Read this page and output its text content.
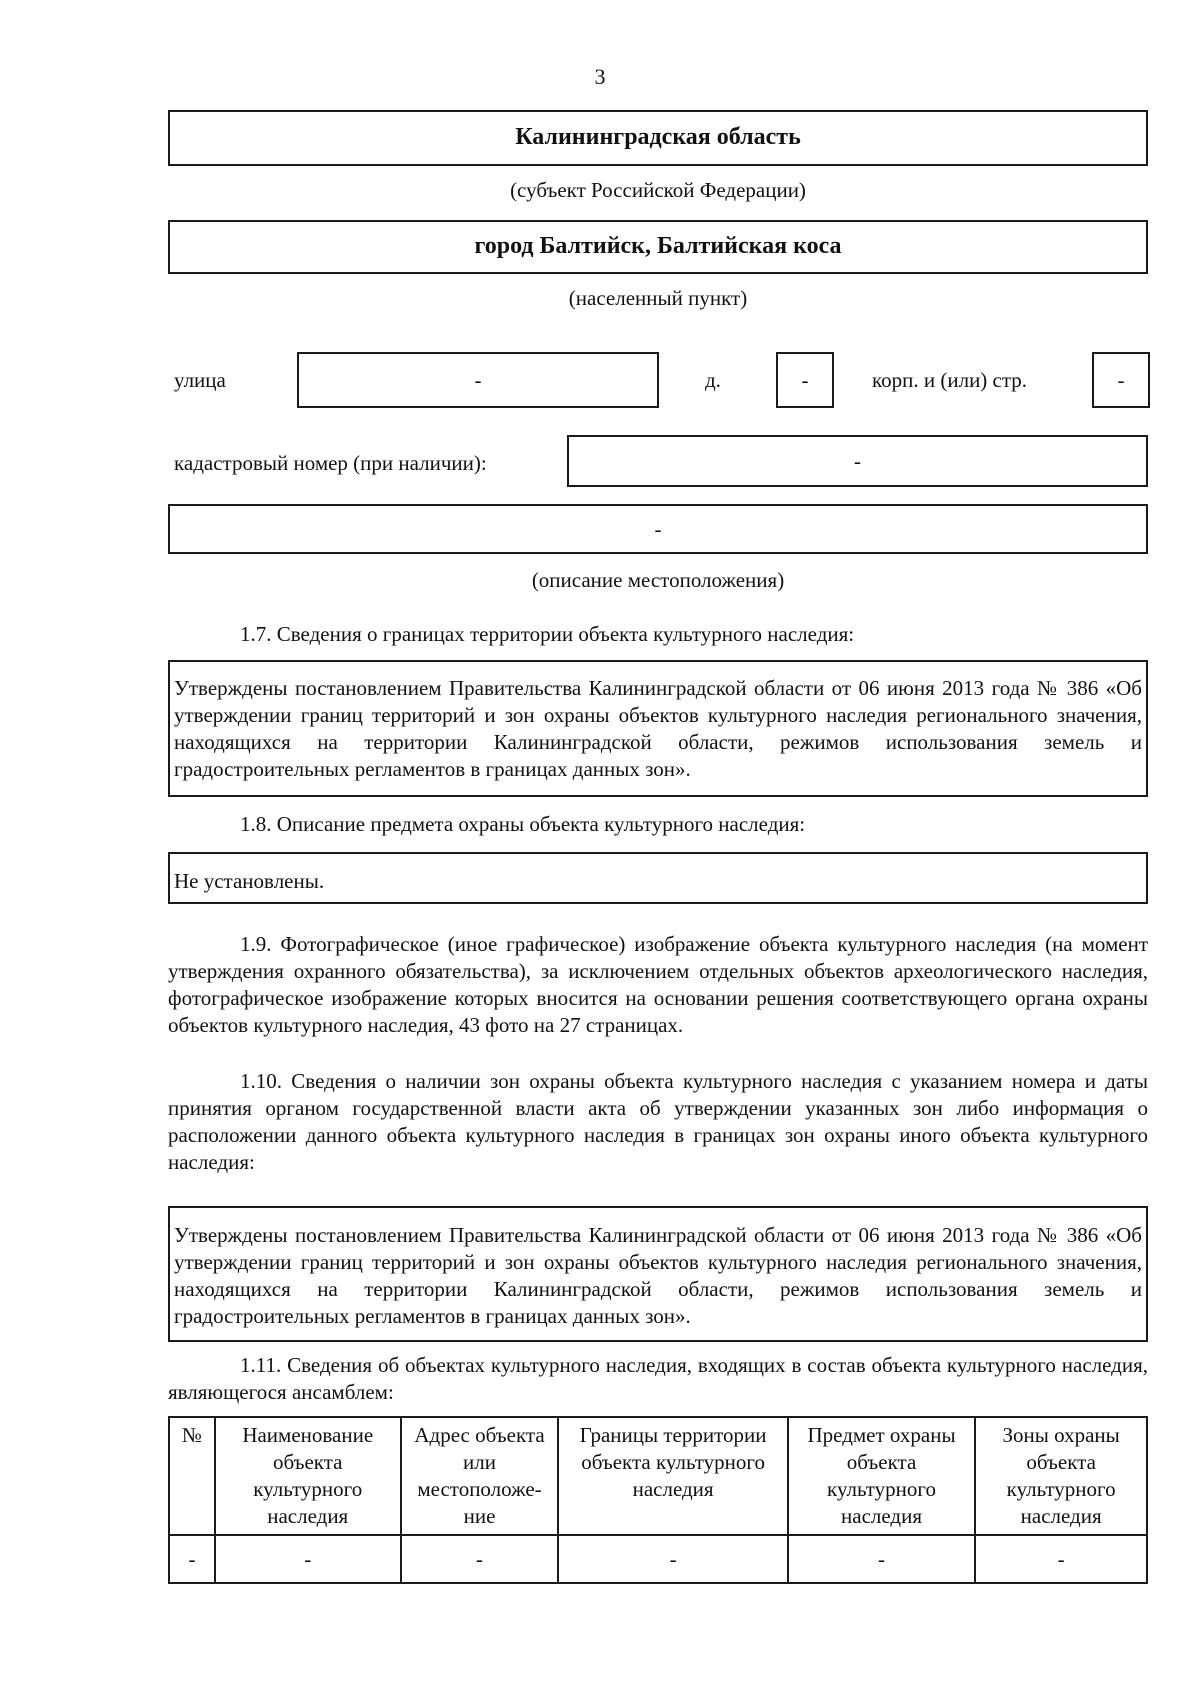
3
Калининградская область
(субъект Российской Федерации)
город Балтийск, Балтийская коса
(населенный пункт)
улица	-	д.	-	корп. и (или) стр.	-
кадастровый номер (при наличии):	-
-
(описание местоположения)
1.7. Сведения о границах территории объекта культурного наследия:
Утверждены постановлением Правительства Калининградской области от 06 июня 2013 года № 386 «Об утверждении границ территорий и зон охраны объектов культурного наследия регионального значения, находящихся на территории Калининградской области, режимов использования земель и градостроительных регламентов в границах данных зон».
1.8. Описание предмета охраны объекта культурного наследия:
Не установлены.
1.9. Фотографическое (иное графическое) изображение объекта культурного наследия (на момент утверждения охранного обязательства), за исключением отдельных объектов археологического наследия, фотографическое изображение которых вносится на основании решения соответствующего органа охраны объектов культурного наследия, 43 фото на 27 страницах.
1.10. Сведения о наличии зон охраны объекта культурного наследия с указанием номера и даты принятия органом государственной власти акта об утверждении указанных зон либо информация о расположении данного объекта культурного наследия в границах зон охраны иного объекта культурного наследия:
Утверждены постановлением Правительства Калининградской области от 06 июня 2013 года № 386 «Об утверждении границ территорий и зон охраны объектов культурного наследия регионального значения, находящихся на территории Калининградской области, режимов использования земель и градостроительных регламентов в границах данных зон».
1.11. Сведения об объектах культурного наследия, входящих в состав объекта культурного наследия, являющегося ансамблем:
№	Наименование объекта культурного наследия	Адрес объекта или местоположе-ние	Границы территории объекта культурного наследия	Предмет охраны объекта культурного наследия	Зоны охраны объекта культурного наследия
-	-	-	-	-	-
